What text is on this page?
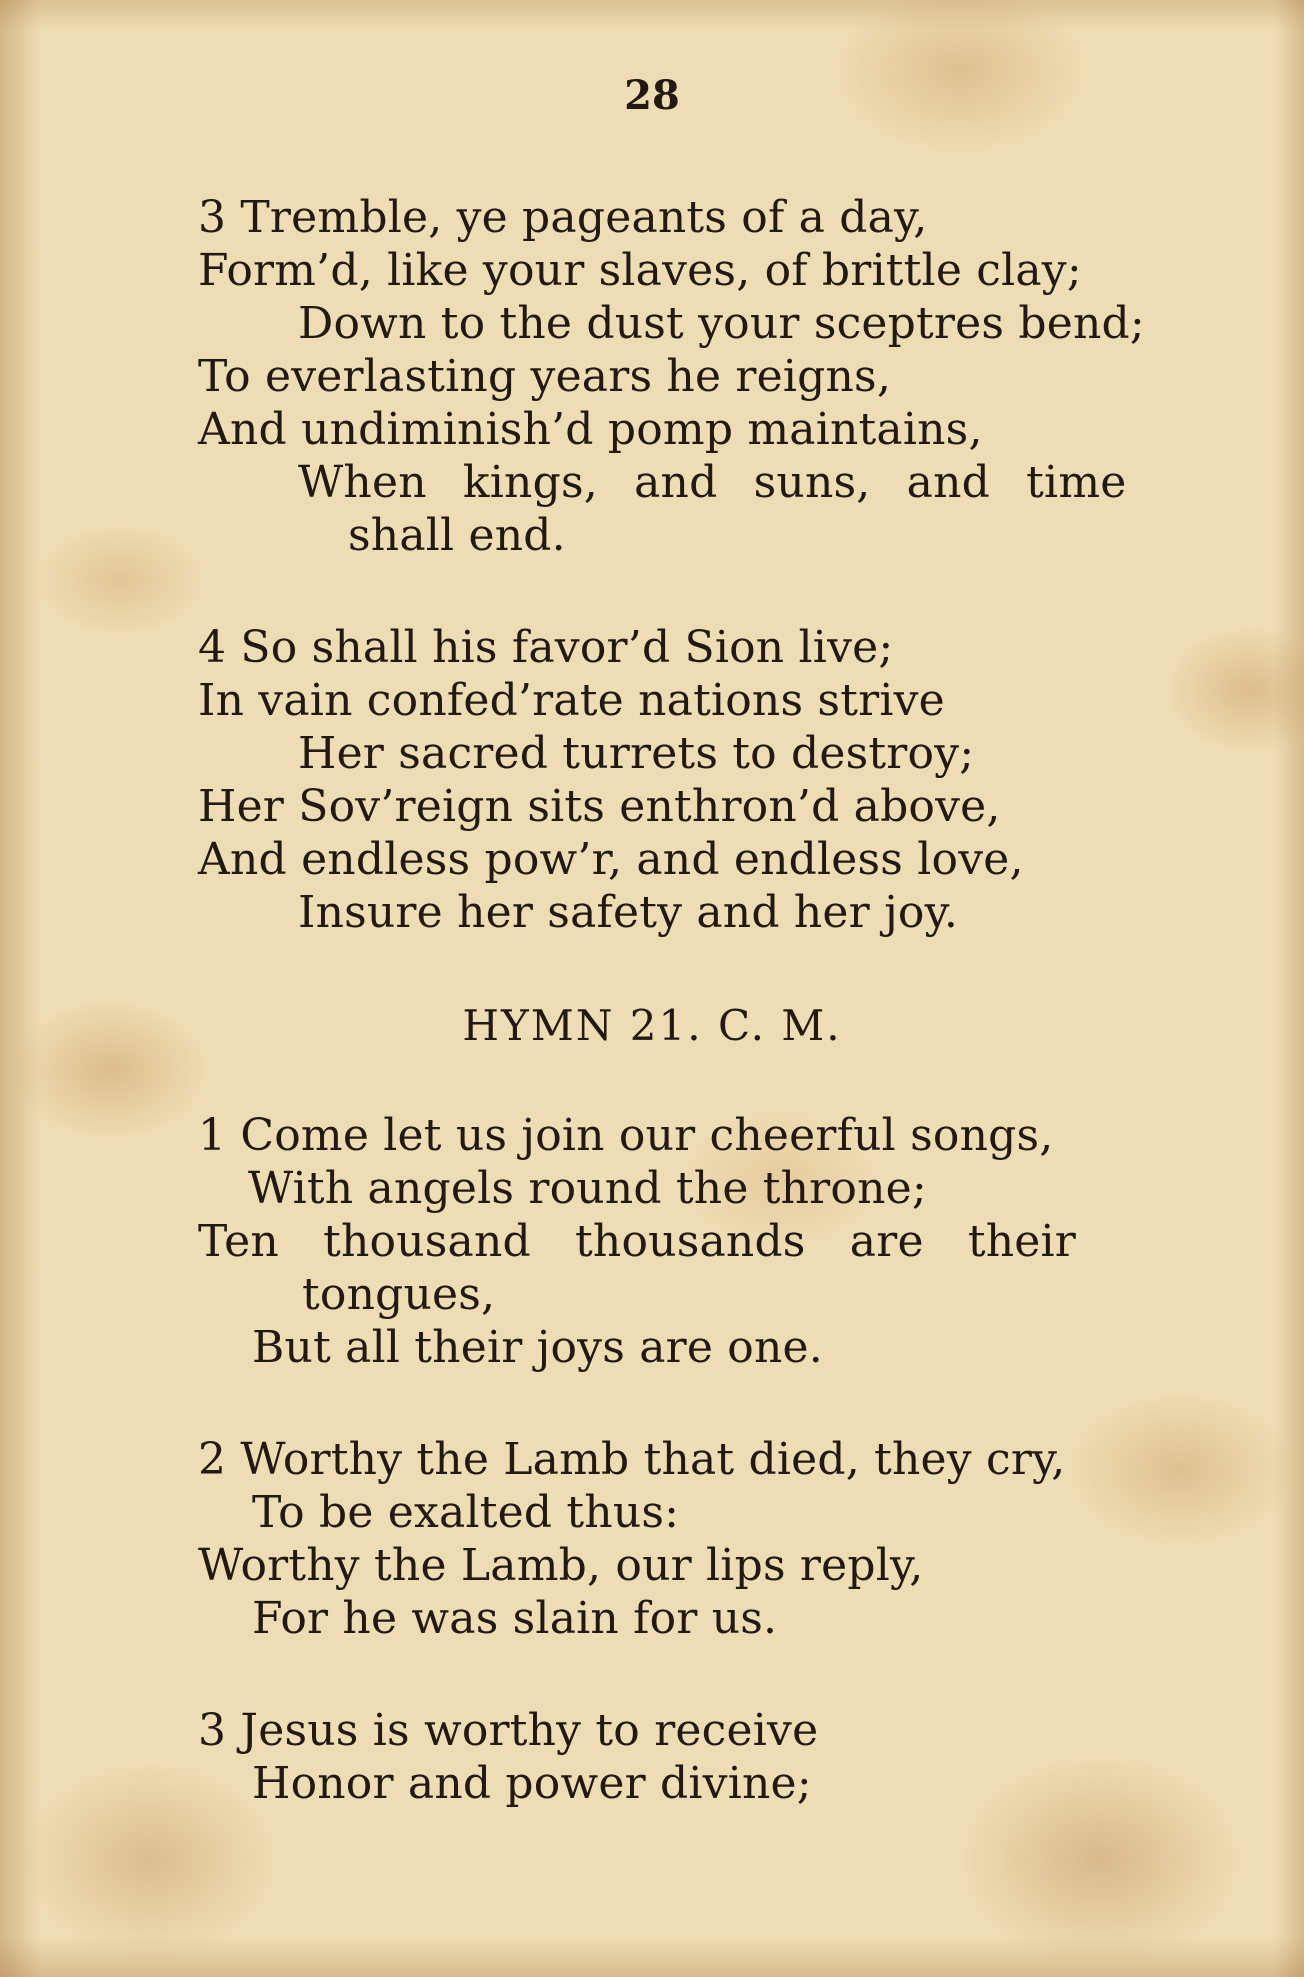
28
3 Tremble, ye pageants of a day,
Form’d, like your slaves, of brittle clay;
Down to the dust your sceptres bend;
To everlasting years he reigns,
And undiminish’d pomp maintains,
When kings, and suns, and time
shall end.
4 So shall his favor’d Sion live;
In vain confed’rate nations strive
Her sacred turrets to destroy;
Her Sov’reign sits enthron’d above,
And endless pow’r, and endless love,
Insure her safety and her joy.
HYMN 21. C. M.
1 Come let us join our cheerful songs,
With angels round the throne;
Ten thousand thousands are their
tongues,
But all their joys are one.
2 Worthy the Lamb that died, they cry,
To be exalted thus:
Worthy the Lamb, our lips reply,
For he was slain for us.
3 Jesus is worthy to receive
Honor and power divine;
